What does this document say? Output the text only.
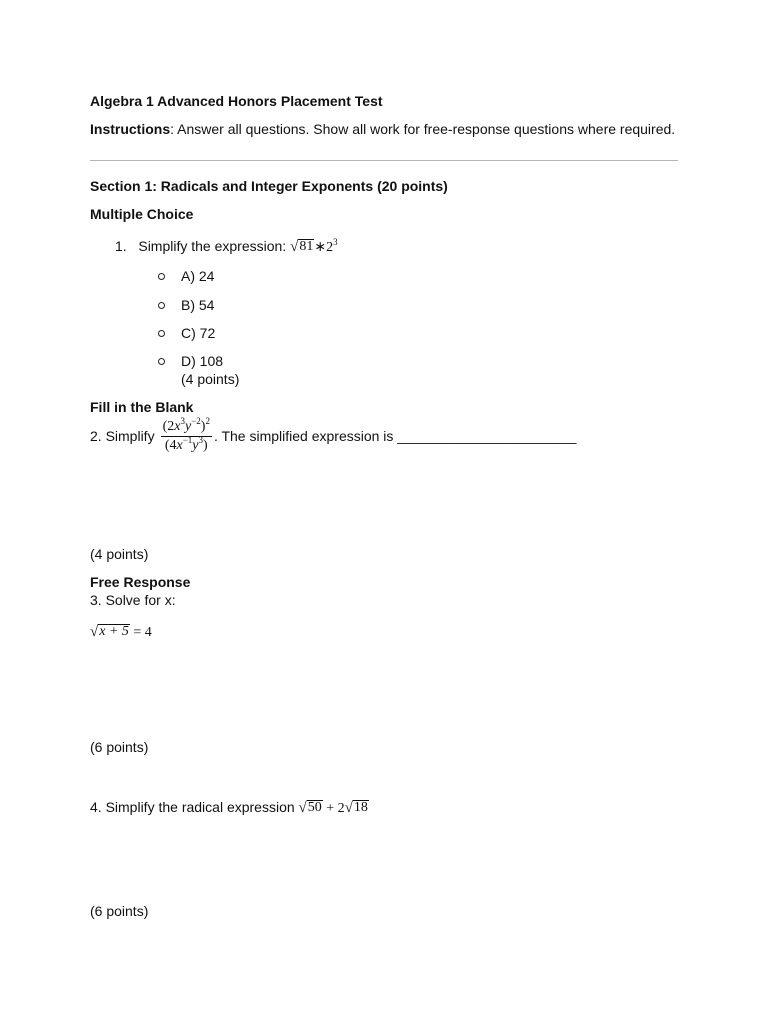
Algebra 1 Advanced Honors Placement Test
Instructions: Answer all questions. Show all work for free-response questions where required.
Section 1: Radicals and Integer Exponents (20 points)
Multiple Choice
1. Simplify the expression: √ 81 $∗2^3$
A) 24
B) 54
C) 72
D) 108
(4 points)
Fill in the Blank
2. Simplify $\frac{(2x^3y^{-2})^2}{(4x^{-1}y^3)}$ . The simplified expression is _______________________
(4 points)
Free Response
3. Solve for x:
√ x + 5 = 4
(6 points)
4. Simplify the radical expression √ 50 + 2 √ 18
(6 points)
